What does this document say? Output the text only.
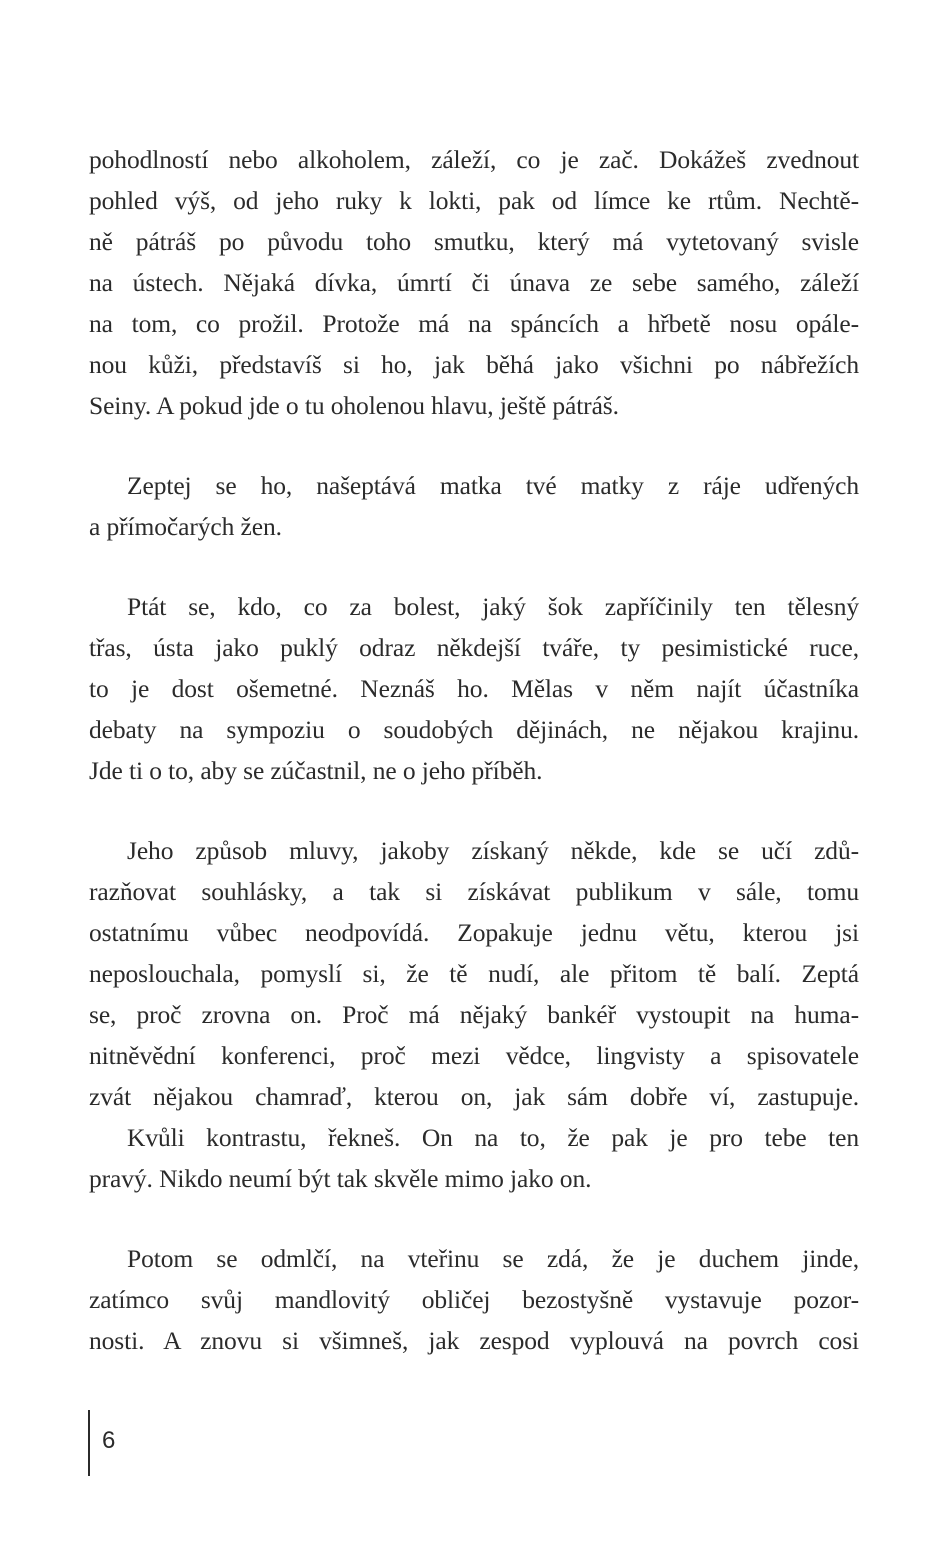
pohodlností nebo alkoholem, záleží, co je zač. Dokážeš zvednout
pohled výš, od jeho ruky k lokti, pak od límce ke rtům. Nechtě-
ně pátráš po původu toho smutku, který má vytetovaný svisle
na ústech. Nějaká dívka, úmrtí či únava ze sebe samého, záleží
na tom, co prožil. Protože má na spáncích a hřbetě nosu opále-
nou kůži, představíš si ho, jak běhá jako všichni po nábřežích
Seiny. A pokud jde o tu oholenou hlavu, ještě pátráš.
Zeptej se ho, našeptává matka tvé matky z ráje udřených
a přímočarých žen.
Ptát se, kdo, co za bolest, jaký šok zapříčinily ten tělesný
třas, ústa jako puklý odraz někdejší tváře, ty pesimistické ruce,
to je dost ošemetné. Neznáš ho. Mělas v něm najít účastníka
debaty na sympoziu o soudobých dějinách, ne nějakou krajinu.
Jde ti o to, aby se zúčastnil, ne o jeho příběh.
Jeho způsob mluvy, jakoby získaný někde, kde se učí zdů-
razňovat souhlásky, a tak si získávat publikum v sále, tomu
ostatnímu vůbec neodpovídá. Zopakuje jednu větu, kterou jsi
neposlouchala, pomyslí si, že tě nudí, ale přitom tě balí. Zeptá
se, proč zrovna on. Proč má nějaký bankéř vystoupit na huma-
nitněvědní konferenci, proč mezi vědce, lingvisty a spisovatele
zvát nějakou chamraď, kterou on, jak sám dobře ví, zastupuje.
Kvůli kontrastu, řekneš. On na to, že pak je pro tebe ten
pravý. Nikdo neumí být tak skvěle mimo jako on.
Potom se odmlčí, na vteřinu se zdá, že je duchem jinde,
zatímco svůj mandlovitý obličej bezostyšně vystavuje pozor-
nosti. A znovu si všimneš, jak zespod vyplouvá na povrch cosi
6
